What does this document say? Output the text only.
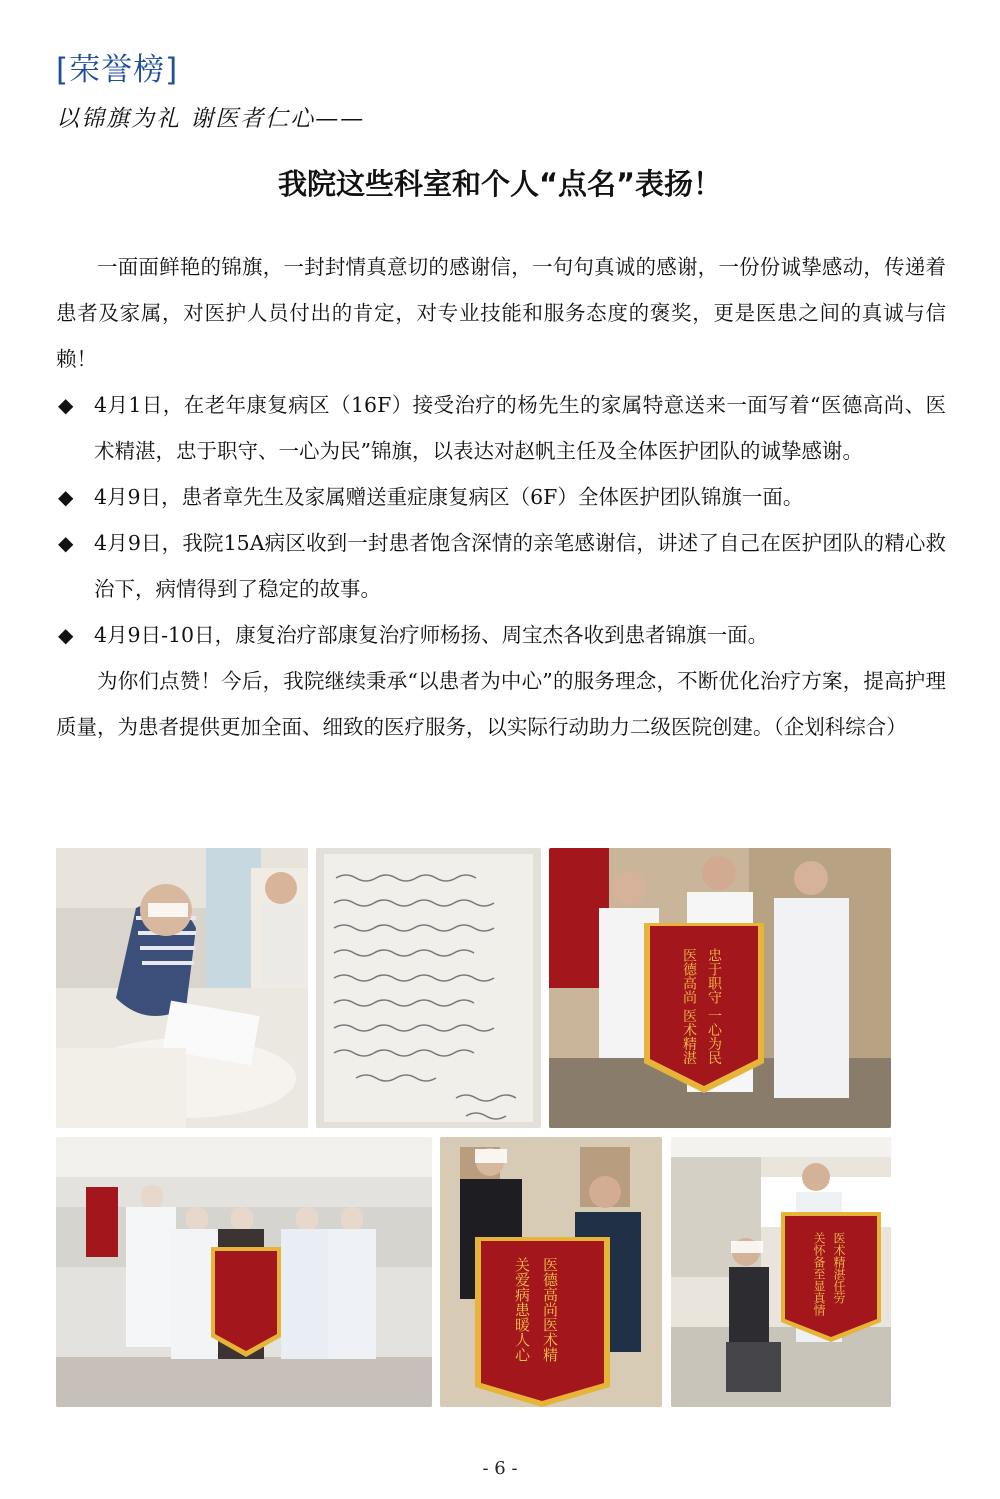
[荣誉榜]
以锦旗为礼 谢医者仁心——
我院这些科室和个人“点名”表扬！

一面面鲜艳的锦旗，一封封情真意切的感谢信，一句句真诚的感谢，一份份诚挚感动，传递着患者及家属，对医护人员付出的肯定，对专业技能和服务态度的褒奖，更是医患之间的真诚与信赖！

◆ 4月1日，在老年康复病区（16F）接受治疗的杨先生的家属特意送来一面写着“医德高尚、医术精湛，忠于职守、一心为民”锦旗，以表达对赵帆主任及全体医护团队的诚挚感谢。
◆ 4月9日，患者章先生及家属赠送重症康复病区（6F）全体医护团队锦旗一面。
◆ 4月9日，我院15A病区收到一封患者饱含深情的亲笔感谢信，讲述了自己在医护团队的精心救治下，病情得到了稳定的故事。
◆ 4月9日-10日，康复治疗部康复治疗师杨扬、周宝杰各收到患者锦旗一面。

为你们点赞！今后，我院继续秉承“以患者为中心”的服务理念，不断优化治疗方案，提高护理质量，为患者提供更加全面、细致的医疗服务，以实际行动助力二级医院创建。（企划科综合）

医德高尚 医术精湛 忠于职守 一心为民
医德高尚医术精
关爱病患暖人心	医术精湛任劳
关怀备至显真情
- 6 -
